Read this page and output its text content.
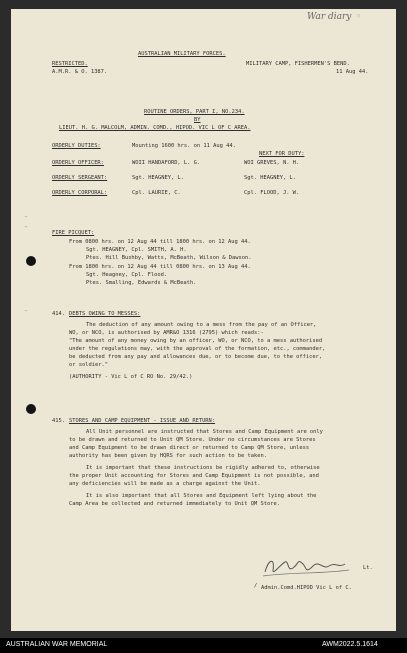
War diary ○
→
→
→
AUSTRALIAN MILITARY FORCES.
RESTRICTED.
A.M.R. & O. 1387.
MILITARY CAMP, FISHERMEN'S BEND.
11 Aug 44.
ROUTINE ORDERS, PART I, NO.234.
BY
LIEUT. H. G. MALCOLM, ADMIN. COMD., HIPOD. VIC L OF C AREA.
ORDERLY DUTIES:	Mounting 1600 hrs. on 11 Aug 44.
NEXT FOR DUTY:
ORDERLY OFFICER:	WOII HANDAFORD, L. G.	WOI GREVES, N. H.
ORDERLY SERGEANT:	Sgt. HEAGNEY, L.	Sgt. HEAGNEY, L.
ORDERLY CORPORAL:	Cpl. LAURIE, C.	Cpl. FLOOD, J. W.
FIRE PICQUET:
From 0800 hrs. on 12 Aug 44 till 1800 hrs. on 12 Aug 44.
Sgt. HEAGNEY, Cpl. SMITH, A. H.
Ptes. Hill Bushby, Watts, McBeath, Wilson & Dawson.
From 1800 hrs. on 12 Aug 44 till 0800 hrs. on 13 Aug 44.
Sgt. Heagney, Cpl. Flood.
Ptes. Smalling, Edwards & McBeath.
414. DEBTS OWING TO MESSES:
The deduction of any amount owing to a mess from the pay of an Officer,
WO, or NCO, is authorised by AMR&O 1316 (2795) which reads:-
"The amount of any money owing by an officer, WO, or NCO, to a mess authorised
under the regulations may, with the approval of the formation, etc., commander,
be deducted from any pay and allowances due, or to become due, to the officer,
or soldier."
(AUTHORITY - Vic L of C RO No. 29/42.)
415. STORES AND CAMP EQUIPMENT - ISSUE AND RETURN:
All Unit personnel are instructed that Stores and Camp Equipment are only
to be drawn and returned to Unit QM Store. Under no circumstances are Stores
and Camp Equipment to be drawn direct or returned to Camp QM Store, unless
authority has been given by HQRS for such action to be taken.
It is important that these instructions be rigidly adhered to, otherwise
the proper Unit accounting for Stores and Camp Equipment is not possible, and
any deficiencies will be made as a charge against the Unit.
It is also important that all Stores and Equipment left lying about the
Camp Area be collected and returned immediately to Unit QM Store.
Lt.
/ Admin.Comd.HIPOD Vic L of C.
AUSTRALIAN WAR MEMORIAL	AWM2022.5.1614
